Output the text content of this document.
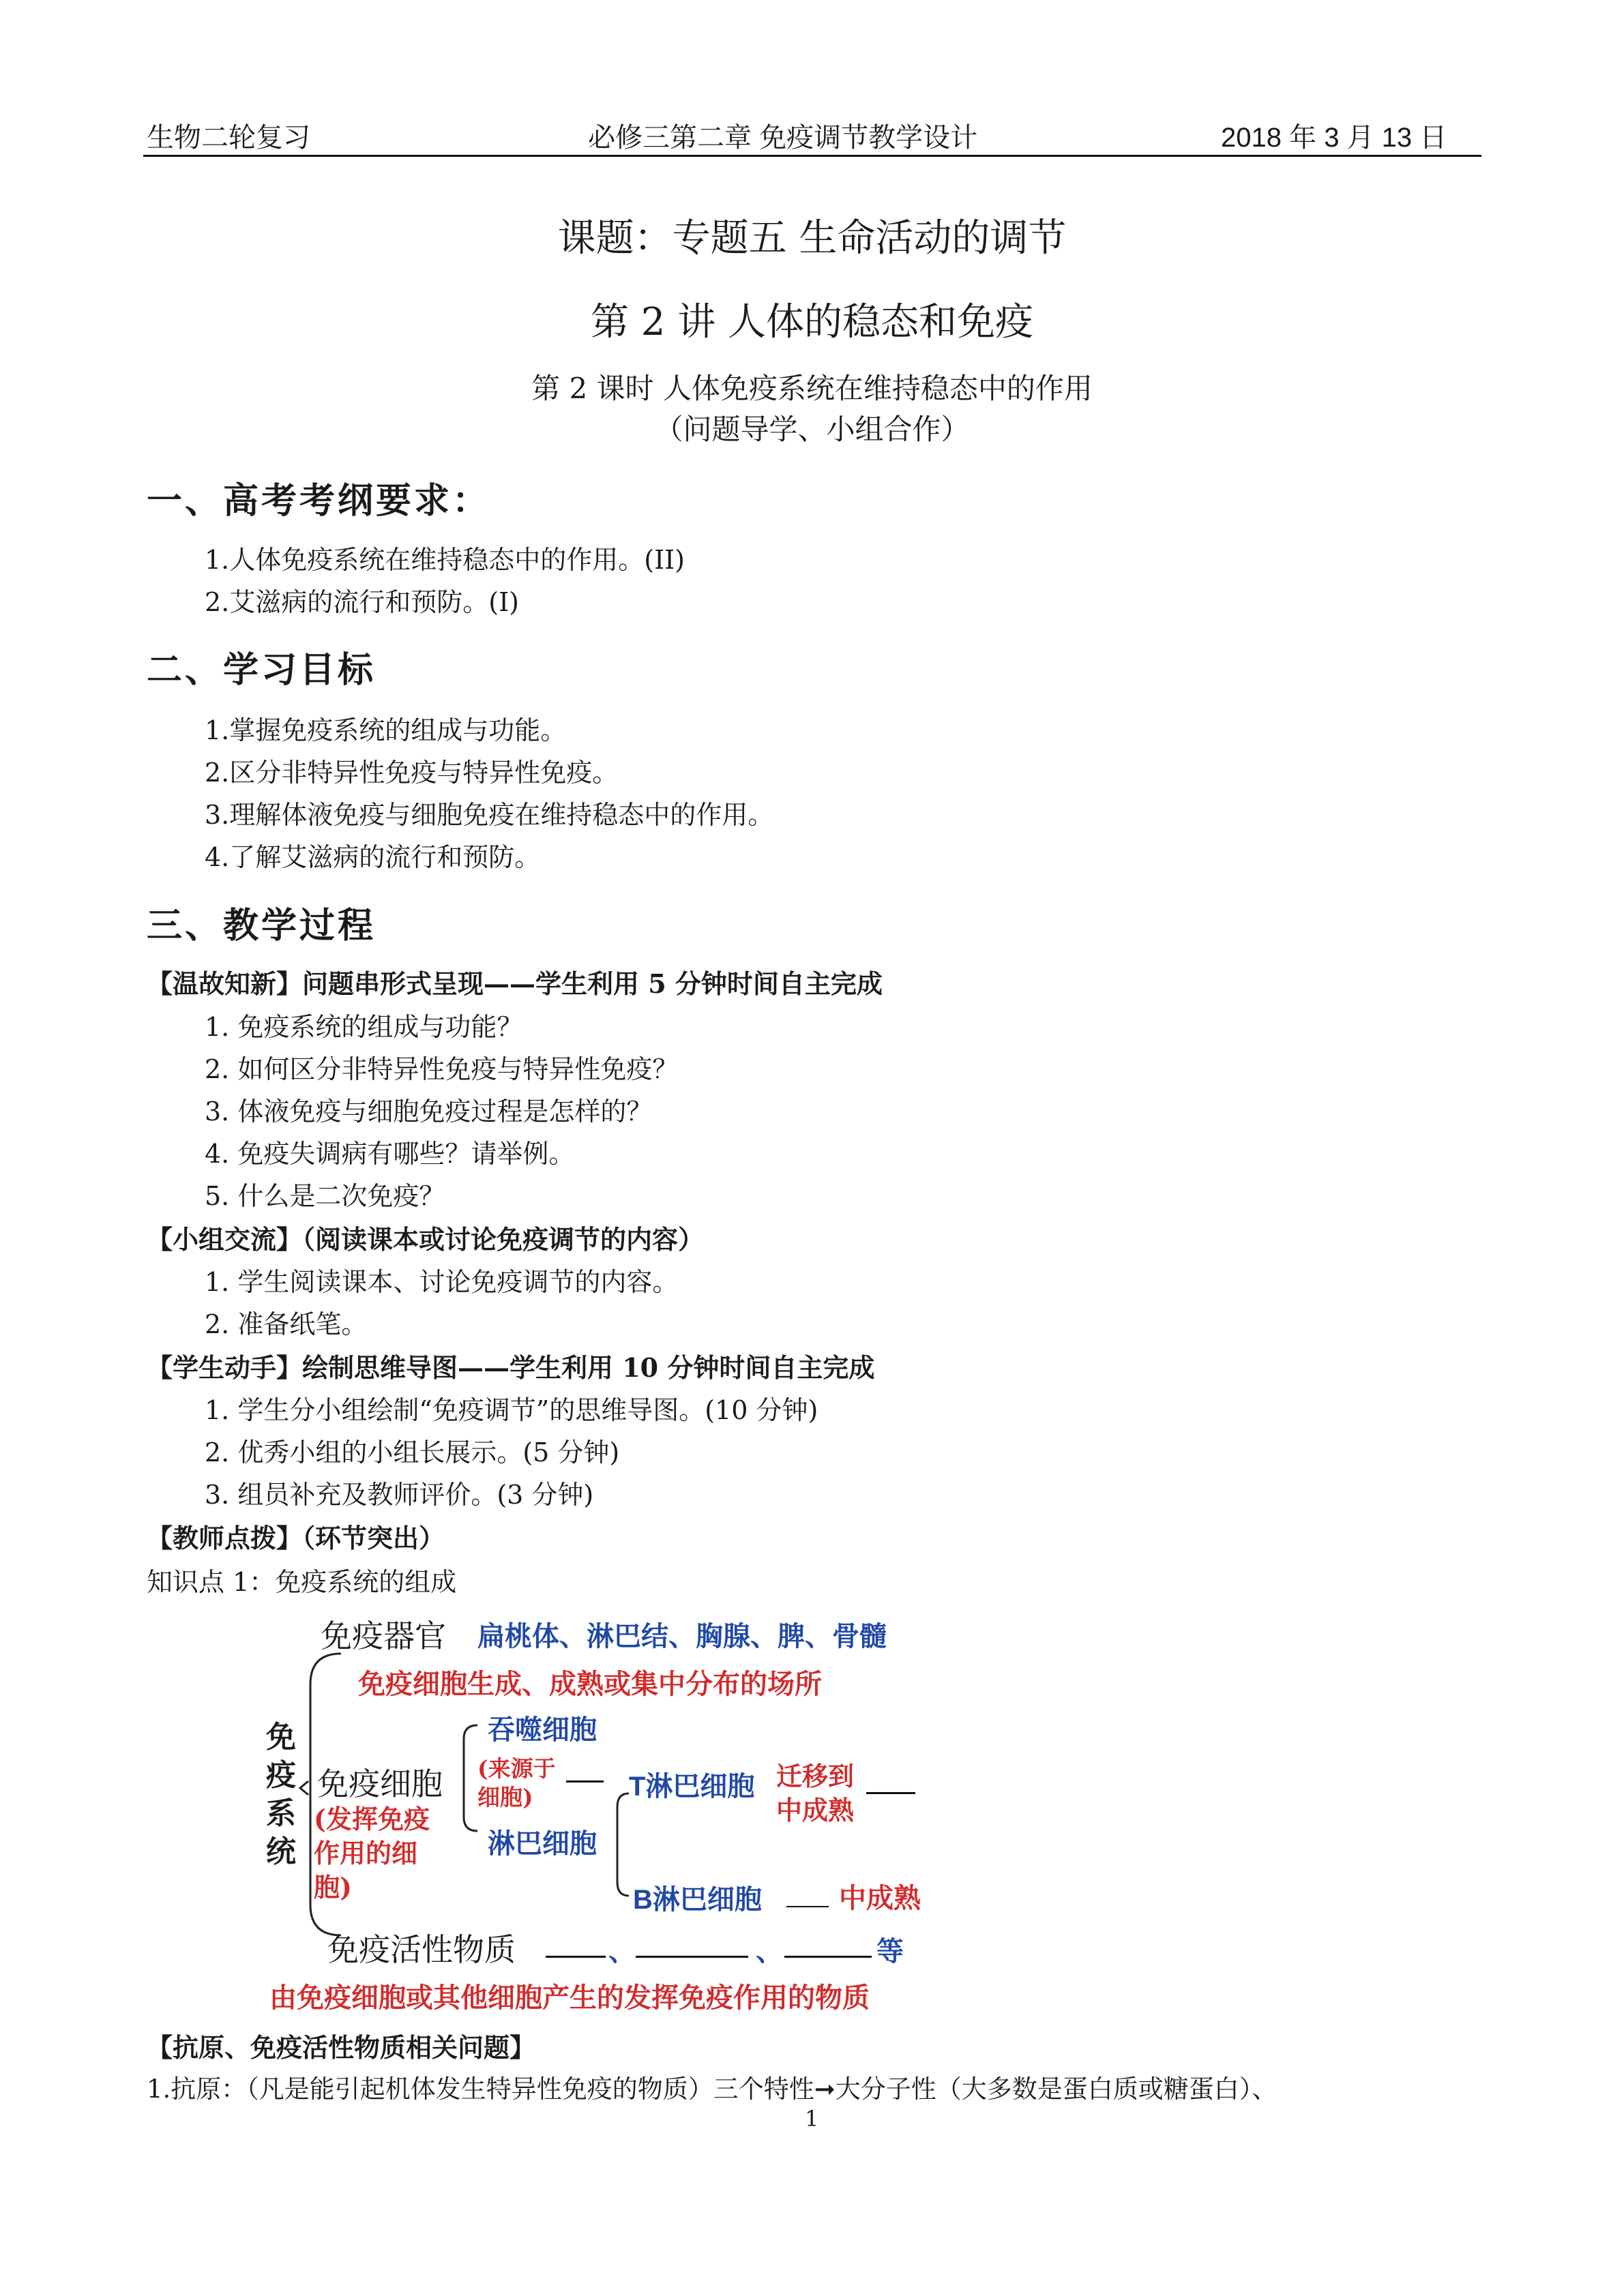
生物二轮复习	必修三第二章 免疫调节教学设计	2018 年 3 月 13 日
课题：专题五 生命活动的调节
第 2 讲 人体的稳态和免疫
第 2 课时 人体免疫系统在维持稳态中的作用
（问题导学、小组合作）
一、高考考纲要求：
1.人体免疫系统在维持稳态中的作用。(II)
2.艾滋病的流行和预防。(I)
二、学习目标
1.掌握免疫系统的组成与功能。
2.区分非特异性免疫与特异性免疫。
3.理解体液免疫与细胞免疫在维持稳态中的作用。
4.了解艾滋病的流行和预防。
三、教学过程
【温故知新】问题串形式呈现——学生利用 5 分钟时间自主完成
1. 免疫系统的组成与功能？
2. 如何区分非特异性免疫与特异性免疫？
3. 体液免疫与细胞免疫过程是怎样的？
4. 免疫失调病有哪些？请举例。
5. 什么是二次免疫？
【小组交流】（阅读课本或讨论免疫调节的内容）
1. 学生阅读课本、讨论免疫调节的内容。
2. 准备纸笔。
【学生动手】绘制思维导图——学生利用 10 分钟时间自主完成
1. 学生分小组绘制“免疫调节”的思维导图。(10 分钟)
2. 优秀小组的小组长展示。(5 分钟)
3. 组员补充及教师评价。(3 分钟)
【教师点拨】（环节突出）
知识点 1：免疫系统的组成
免疫系统
免疫器官 扁桃体、淋巴结、胸腺、脾、骨髓
免疫细胞生成、成熟或集中分布的场所
免疫细胞
(发挥免疫作用的细胞)
吞噬细胞
(来源于细胞)
淋巴细胞
T淋巴细胞 迁移到中成熟
B淋巴细胞	中成熟
免疫活性物质	、	、	等
由免疫细胞或其他细胞产生的发挥免疫作用的物质
【抗原、免疫活性物质相关问题】
1.抗原：（凡是能引起机体发生特异性免疫的物质）三个特性➞大分子性（大多数是蛋白质或糖蛋白）、
1
